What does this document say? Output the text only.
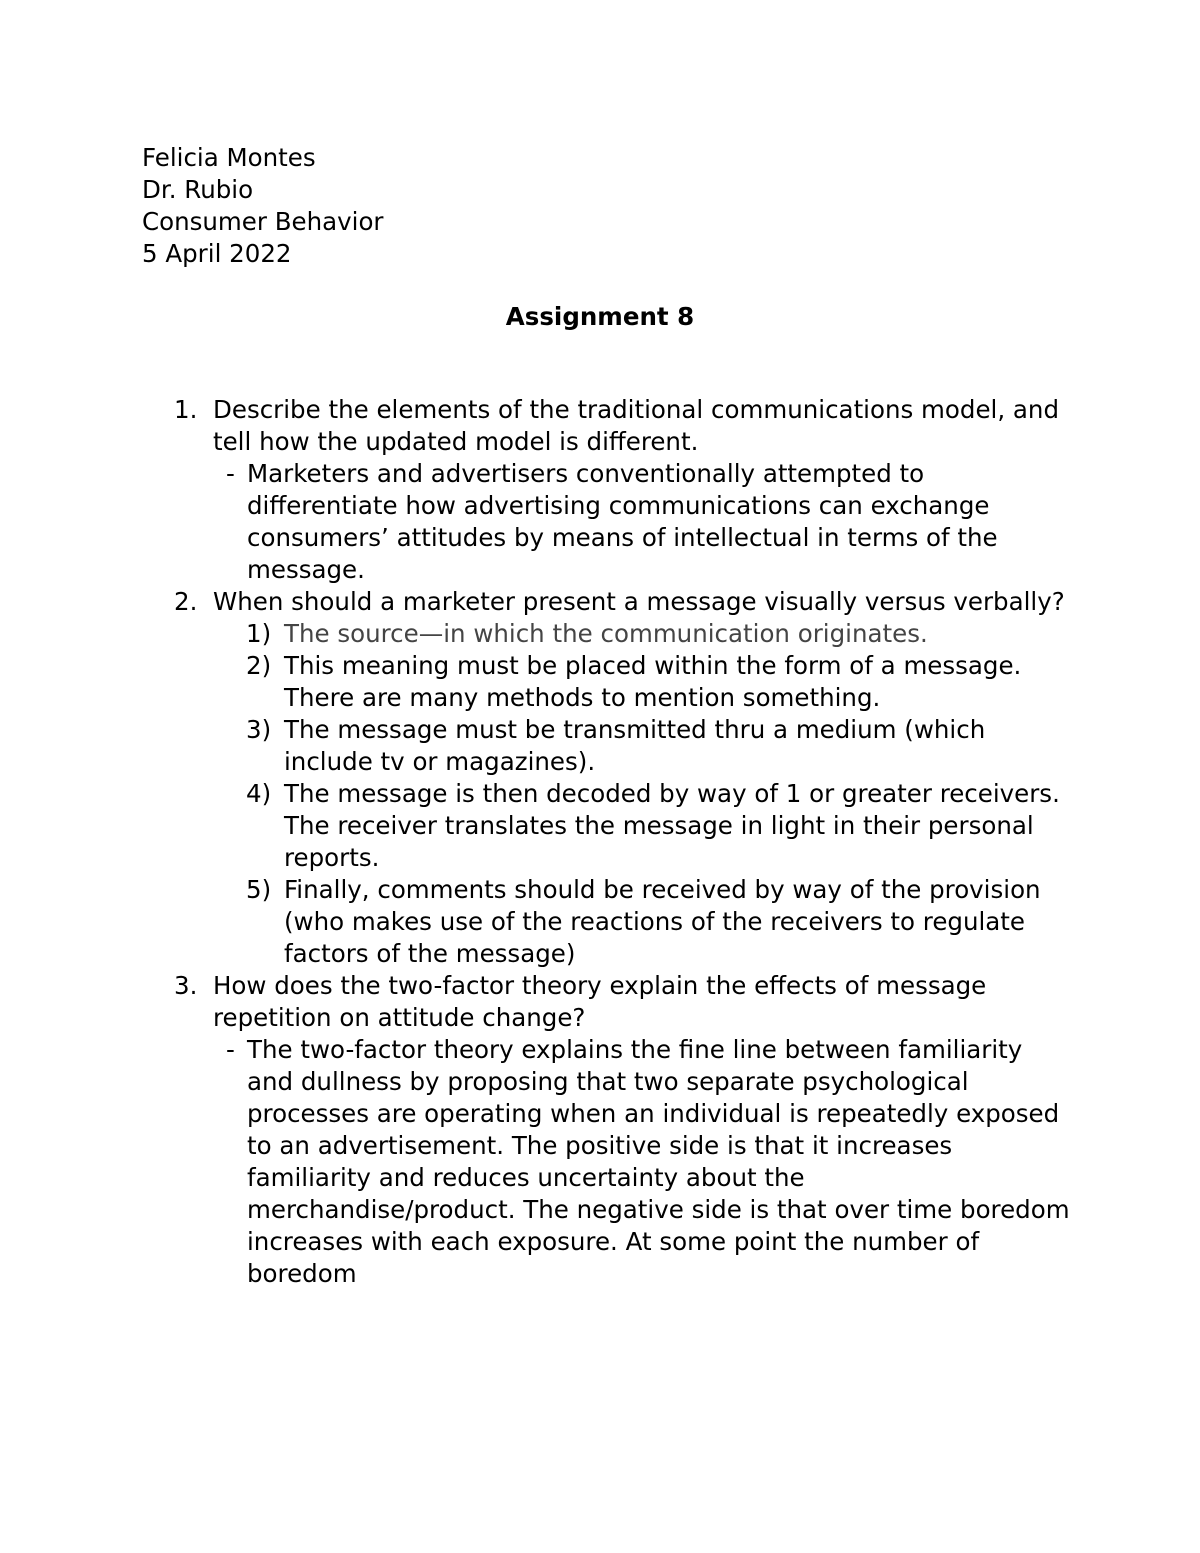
Felicia Montes
Dr. Rubio
Consumer Behavior
5 April 2022
Assignment 8
1. Describe the elements of the traditional communications model, and tell how the updated model is different.
- Marketers and advertisers conventionally attempted to differentiate how advertising communications can exchange consumers’ attitudes by means of intellectual in terms of the message.
2. When should a marketer present a message visually versus verbally?
1) The source—in which the communication originates.
2) This meaning must be placed within the form of a message. There are many methods to mention something.
3) The message must be transmitted thru a medium (which include tv or magazines).
4) The message is then decoded by way of 1 or greater receivers. The receiver translates the message in light in their personal reports.
5) Finally, comments should be received by way of the provision (who makes use of the reactions of the receivers to regulate factors of the message)
3. How does the two-factor theory explain the effects of message repetition on attitude change?
- The two-factor theory explains the fine line between familiarity and dullness by proposing that two separate psychological processes are operating when an individual is repeatedly exposed to an advertisement. The positive side is that it increases familiarity and reduces uncertainty about the merchandise/product. The negative side is that over time boredom increases with each exposure. At some point the number of boredom
